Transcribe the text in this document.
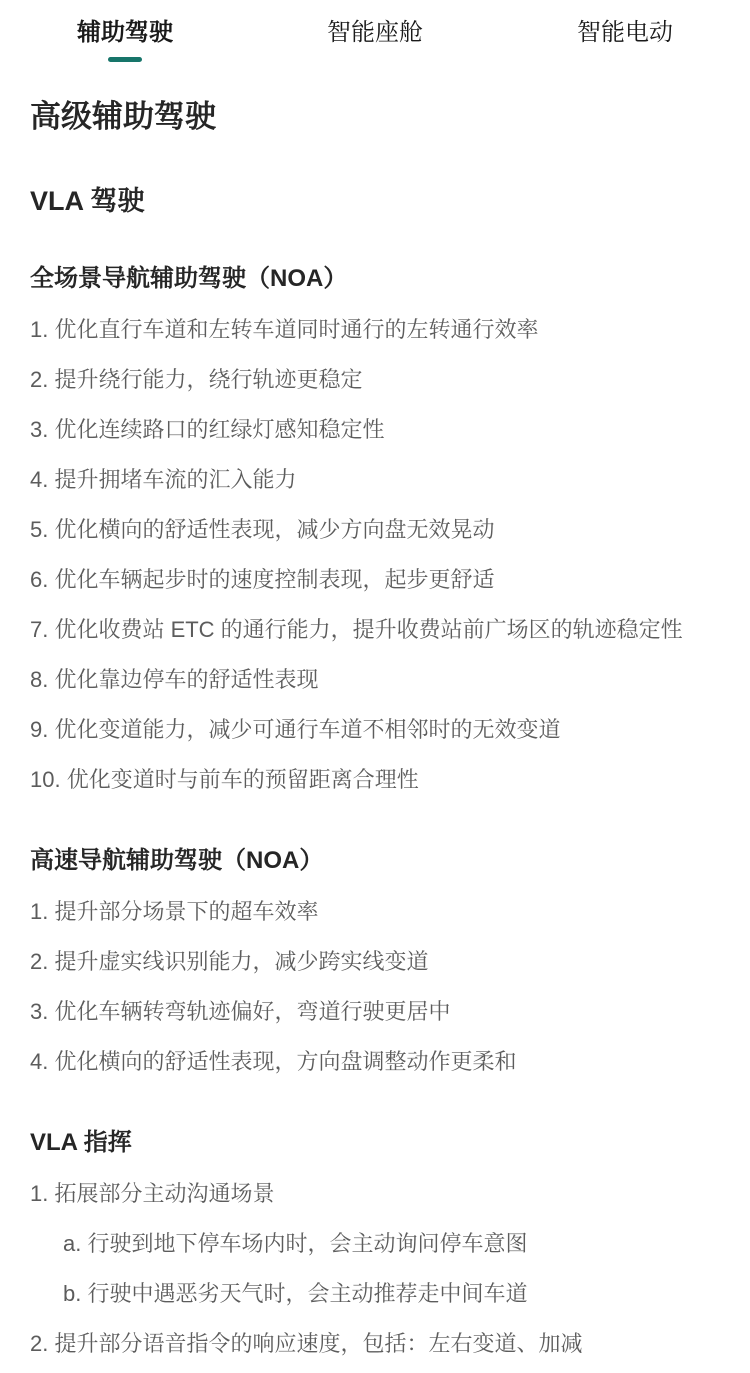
辅助驾驶	智能座舱	智能电动
高级辅助驾驶
VLA 驾驶
全场景导航辅助驾驶（NOA）
1. 优化直行车道和左转车道同时通行的左转通行效率
2. 提升绕行能力，绕行轨迹更稳定
3. 优化连续路口的红绿灯感知稳定性
4. 提升拥堵车流的汇入能力
5. 优化横向的舒适性表现，减少方向盘无效晃动
6. 优化车辆起步时的速度控制表现，起步更舒适
7. 优化收费站 ETC 的通行能力，提升收费站前广场区的轨迹稳定性
8. 优化靠边停车的舒适性表现
9. 优化变道能力，减少可通行车道不相邻时的无效变道
10. 优化变道时与前车的预留距离合理性
高速导航辅助驾驶（NOA）
1. 提升部分场景下的超车效率
2. 提升虚实线识别能力，减少跨实线变道
3. 优化车辆转弯轨迹偏好，弯道行驶更居中
4. 优化横向的舒适性表现，方向盘调整动作更柔和
VLA 指挥
1. 拓展部分主动沟通场景
a. 行驶到地下停车场内时，会主动询问停车意图
b. 行驶中遇恶劣天气时，会主动推荐走中间车道
2. 提升部分语音指令的响应速度，包括：左右变道、加减
